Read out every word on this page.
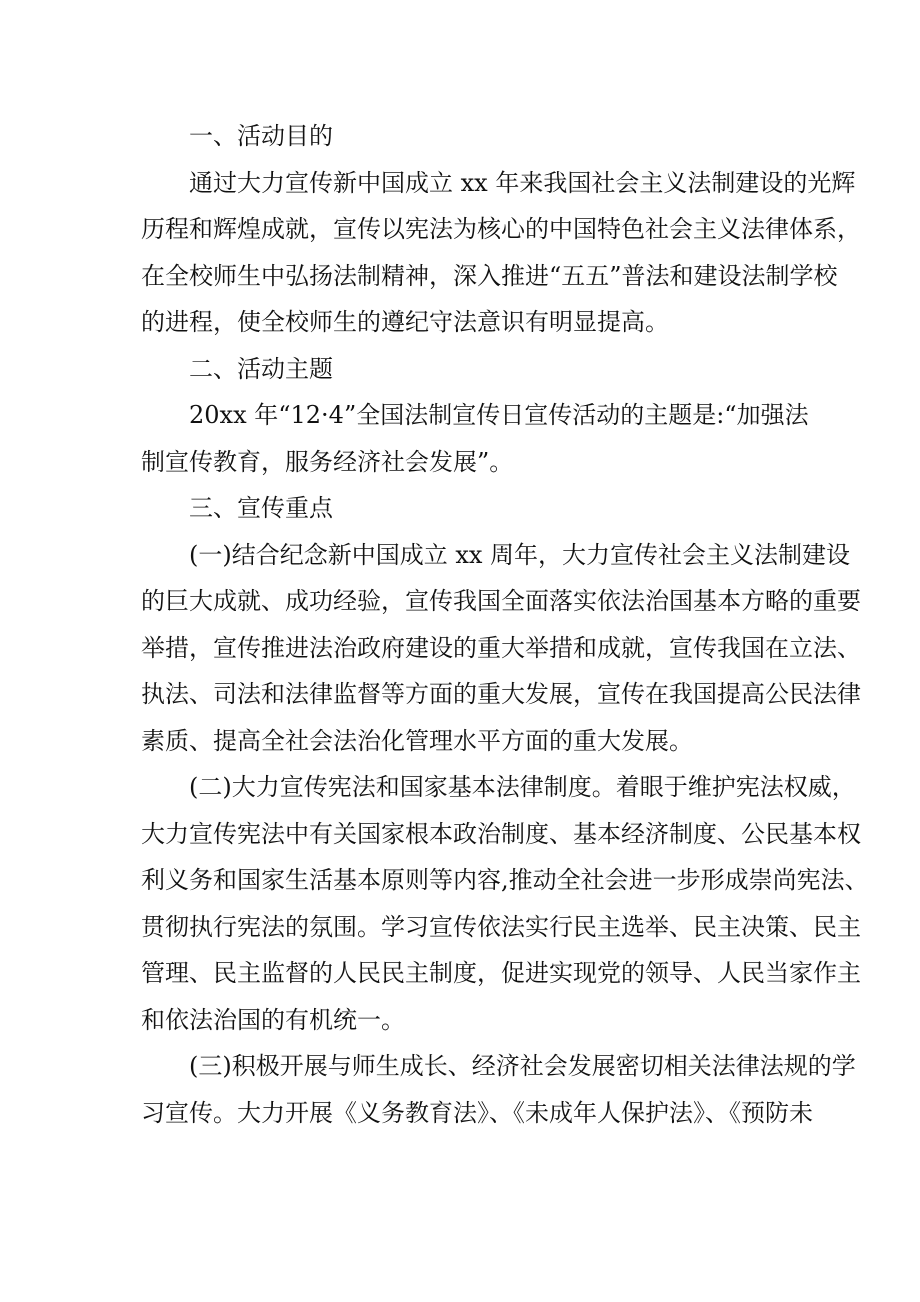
一、活动目的
通过大力宣传新中国成立 xx 年来我国社会主义法制建设的光辉
历程和辉煌成就，宣传以宪法为核心的中国特色社会主义法律体系，
在全校师生中弘扬法制精神，深入推进“五五”普法和建设法制学校
的进程，使全校师生的遵纪守法意识有明显提高。
二、活动主题
20xx 年“12·4”全国法制宣传日宣传活动的主题是:“加强法
制宣传教育，服务经济社会发展”。
三、宣传重点
(一)结合纪念新中国成立 xx 周年，大力宣传社会主义法制建设
的巨大成就、成功经验，宣传我国全面落实依法治国基本方略的重要
举措，宣传推进法治政府建设的重大举措和成就，宣传我国在立法、
执法、司法和法律监督等方面的重大发展，宣传在我国提高公民法律
素质、提高全社会法治化管理水平方面的重大发展。
(二)大力宣传宪法和国家基本法律制度。着眼于维护宪法权威，
大力宣传宪法中有关国家根本政治制度、基本经济制度、公民基本权
利义务和国家生活基本原则等内容,推动全社会进一步形成崇尚宪法、
贯彻执行宪法的氛围。学习宣传依法实行民主选举、民主决策、民主
管理、民主监督的人民民主制度，促进实现党的领导、人民当家作主
和依法治国的有机统一。
(三)积极开展与师生成长、经济社会发展密切相关法律法规的学
习宣传。大力开展《义务教育法》、《未成年人保护法》、《预防未
